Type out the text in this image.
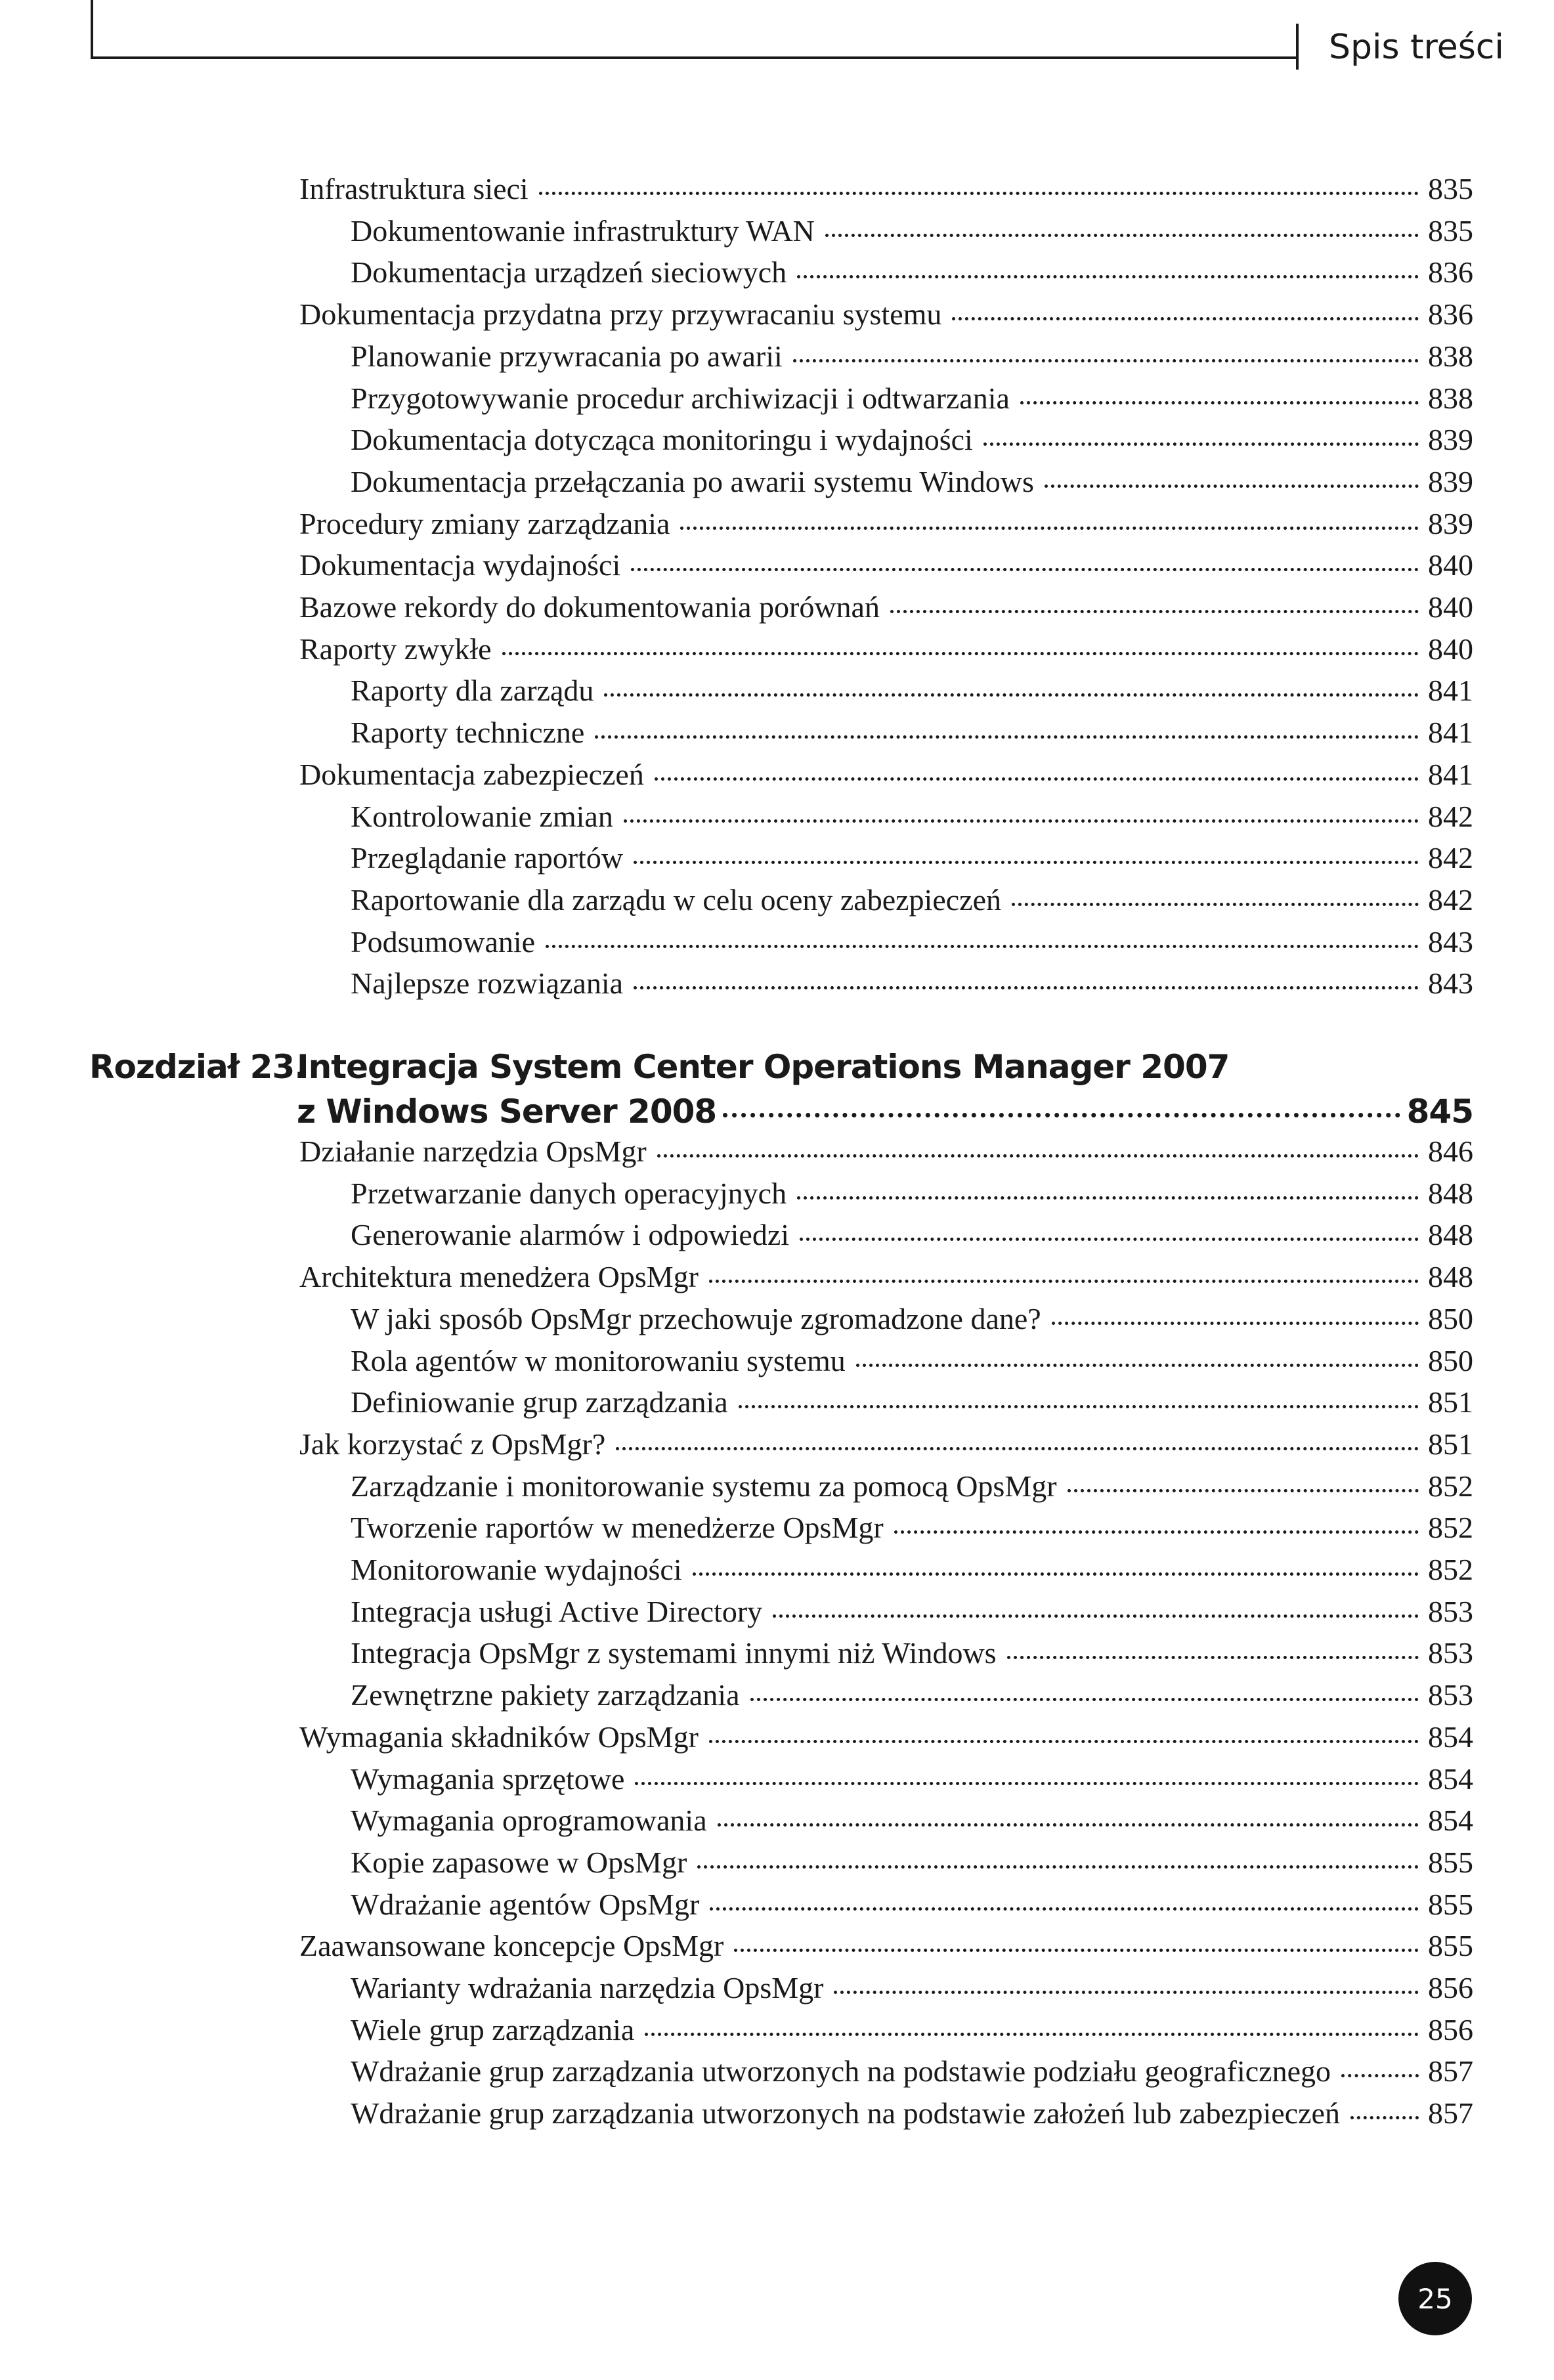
Spis treści
Infrastruktura sieci	835
Dokumentowanie infrastruktury WAN	835
Dokumentacja urządzeń sieciowych	836
Dokumentacja przydatna przy przywracaniu systemu	836
Planowanie przywracania po awarii	838
Przygotowywanie procedur archiwizacji i odtwarzania	838
Dokumentacja dotycząca monitoringu i wydajności	839
Dokumentacja przełączania po awarii systemu Windows	839
Procedury zmiany zarządzania	839
Dokumentacja wydajności	840
Bazowe rekordy do dokumentowania porównań	840
Raporty zwykłe	840
Raporty dla zarządu	841
Raporty techniczne	841
Dokumentacja zabezpieczeń	841
Kontrolowanie zmian	842
Przeglądanie raportów	842
Raportowanie dla zarządu w celu oceny zabezpieczeń	842
Podsumowanie	843
Najlepsze rozwiązania	843
Rozdział 23.
Integracja System Center Operations Manager 2007
z Windows Server 2008	845
Działanie narzędzia OpsMgr	846
Przetwarzanie danych operacyjnych	848
Generowanie alarmów i odpowiedzi	848
Architektura menedżera OpsMgr	848
W jaki sposób OpsMgr przechowuje zgromadzone dane?	850
Rola agentów w monitorowaniu systemu	850
Definiowanie grup zarządzania	851
Jak korzystać z OpsMgr?	851
Zarządzanie i monitorowanie systemu za pomocą OpsMgr	852
Tworzenie raportów w menedżerze OpsMgr	852
Monitorowanie wydajności	852
Integracja usługi Active Directory	853
Integracja OpsMgr z systemami innymi niż Windows	853
Zewnętrzne pakiety zarządzania	853
Wymagania składników OpsMgr	854
Wymagania sprzętowe	854
Wymagania oprogramowania	854
Kopie zapasowe w OpsMgr	855
Wdrażanie agentów OpsMgr	855
Zaawansowane koncepcje OpsMgr	855
Warianty wdrażania narzędzia OpsMgr	856
Wiele grup zarządzania	856
Wdrażanie grup zarządzania utworzonych na podstawie podziału geograficznego	857
Wdrażanie grup zarządzania utworzonych na podstawie założeń lub zabezpieczeń	857
25
